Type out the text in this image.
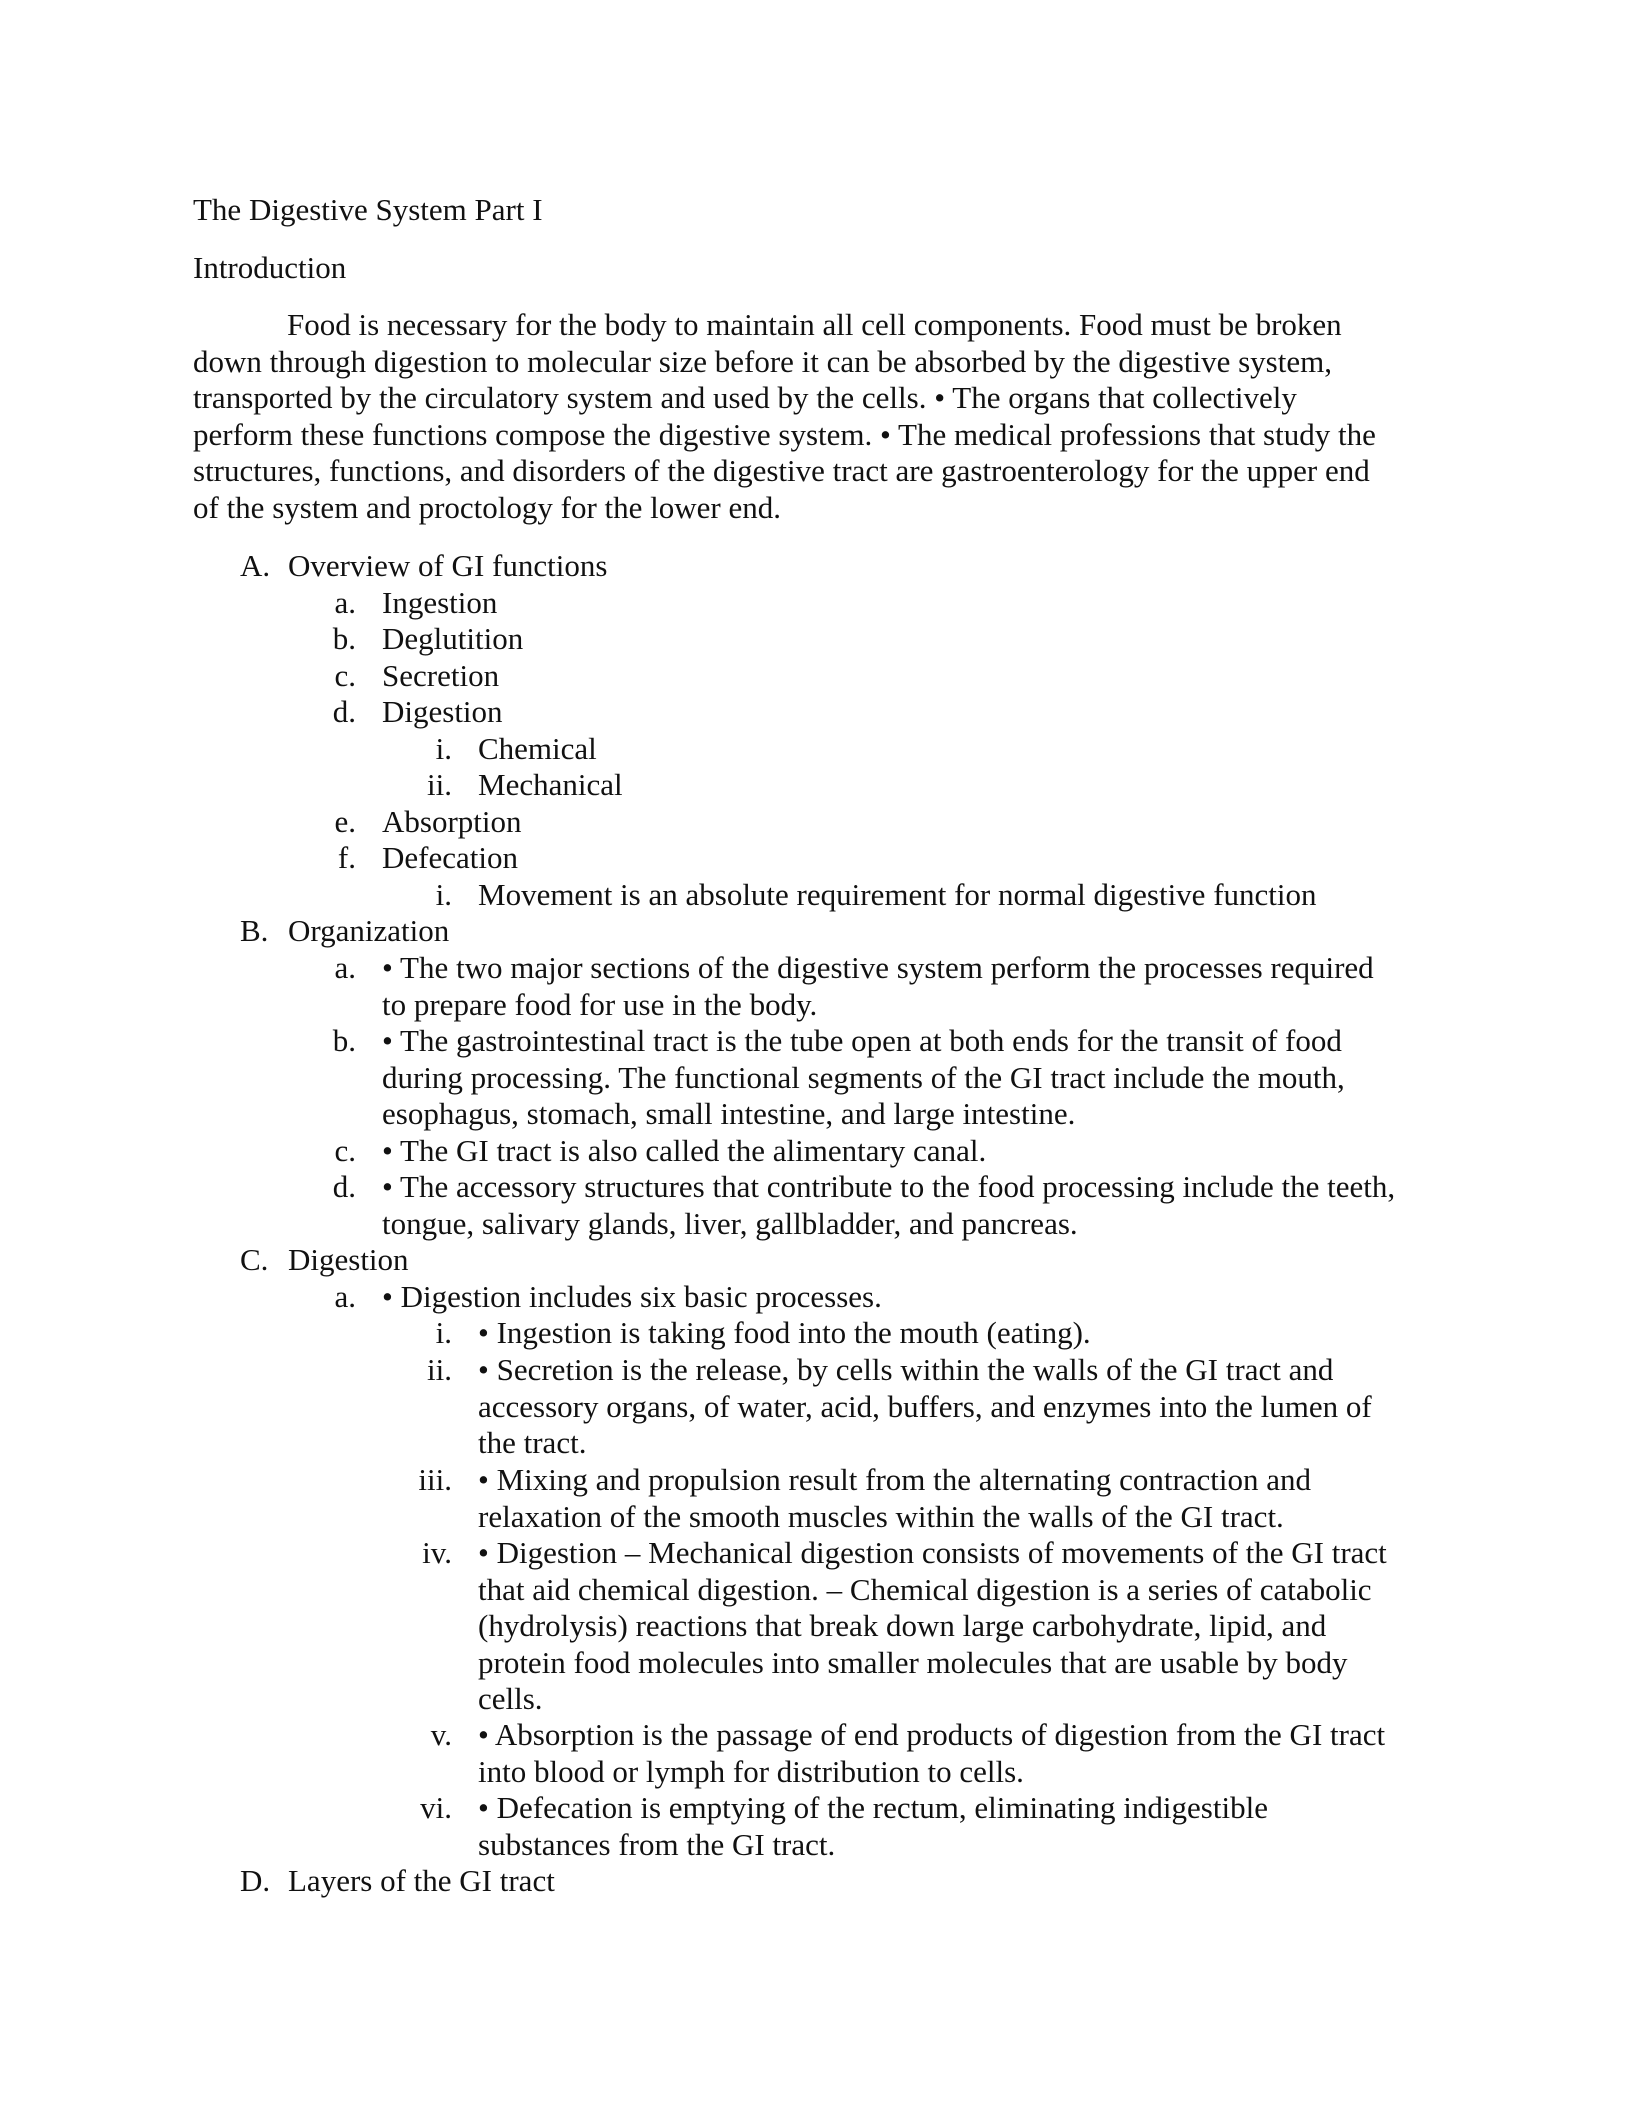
The Digestive System Part I
Introduction
Food is necessary for the body to maintain all cell components. Food must be broken
down through digestion to molecular size before it can be absorbed by the digestive system,
transported by the circulatory system and used by the cells. • The organs that collectively
perform these functions compose the digestive system. • The medical professions that study the
structures, functions, and disorders of the digestive tract are gastroenterology for the upper end
of the system and proctology for the lower end.
A. Overview of GI functions
a. Ingestion
b. Deglutition
c. Secretion
d. Digestion
i. Chemical
ii. Mechanical
e. Absorption
f. Defecation
i. Movement is an absolute requirement for normal digestive function
B. Organization
a. • The two major sections of the digestive system perform the processes required
to prepare food for use in the body.
b. • The gastrointestinal tract is the tube open at both ends for the transit of food
during processing. The functional segments of the GI tract include the mouth,
esophagus, stomach, small intestine, and large intestine.
c. • The GI tract is also called the alimentary canal.
d. • The accessory structures that contribute to the food processing include the teeth,
tongue, salivary glands, liver, gallbladder, and pancreas.
C. Digestion
a. • Digestion includes six basic processes.
i. • Ingestion is taking food into the mouth (eating).
ii. • Secretion is the release, by cells within the walls of the GI tract and
accessory organs, of water, acid, buffers, and enzymes into the lumen of
the tract.
iii. • Mixing and propulsion result from the alternating contraction and
relaxation of the smooth muscles within the walls of the GI tract.
iv. • Digestion – Mechanical digestion consists of movements of the GI tract
that aid chemical digestion. – Chemical digestion is a series of catabolic
(hydrolysis) reactions that break down large carbohydrate, lipid, and
protein food molecules into smaller molecules that are usable by body
cells.
v. • Absorption is the passage of end products of digestion from the GI tract
into blood or lymph for distribution to cells.
vi. • Defecation is emptying of the rectum, eliminating indigestible
substances from the GI tract.
D. Layers of the GI tract
